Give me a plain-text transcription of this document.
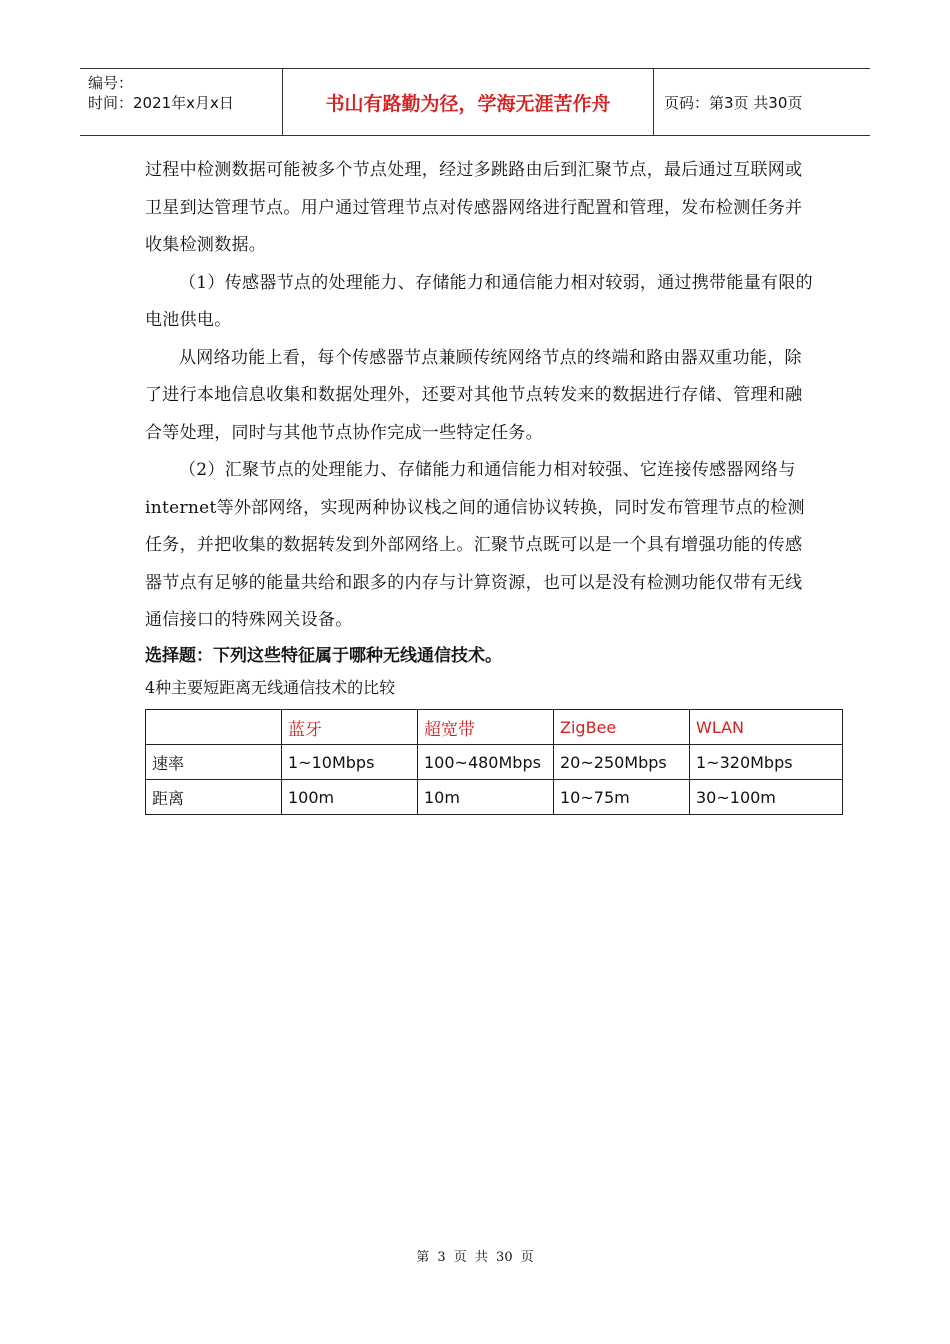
编号：
时间：2021年x月x日	书山有路勤为径，学海无涯苦作舟	页码：第3页 共30页

过程中检测数据可能被多个节点处理，经过多跳路由后到汇聚节点，最后通过互联网或卫星到达管理节点。用户通过管理节点对传感器网络进行配置和管理，发布检测任务并收集检测数据。

（1）传感器节点的处理能力、存储能力和通信能力相对较弱，通过携带能量有限的电池供电。

从网络功能上看，每个传感器节点兼顾传统网络节点的终端和路由器双重功能，除了进行本地信息收集和数据处理外，还要对其他节点转发来的数据进行存储、管理和融合等处理，同时与其他节点协作完成一些特定任务。

（2）汇聚节点的处理能力、存储能力和通信能力相对较强、它连接传感器网络与internet等外部网络，实现两种协议栈之间的通信协议转换，同时发布管理节点的检测任务，并把收集的数据转发到外部网络上。汇聚节点既可以是一个具有增强功能的传感器节点有足够的能量共给和跟多的内存与计算资源，也可以是没有检测功能仅带有无线通信接口的特殊网关设备。

选择题：下列这些特征属于哪种无线通信技术。

4种主要短距离无线通信技术的比较

	蓝牙	超宽带	ZigBee	WLAN
速率	1~10Mbps	100~480Mbps	20~250Mbps	1~320Mbps
距离	100m	10m	10~75m	30~100m
第 3 页 共 30 页
